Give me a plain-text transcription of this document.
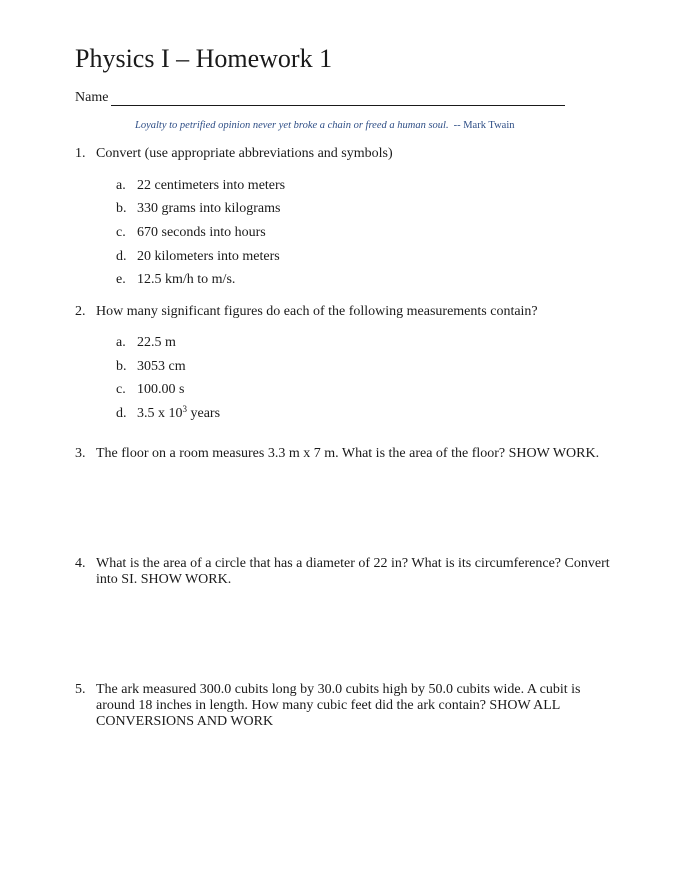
Physics I – Homework 1
Name
Loyalty to petrified opinion never yet broke a chain or freed a human soul. -- Mark Twain
1. Convert (use appropriate abbreviations and symbols)
a. 22 centimeters into meters
b. 330 grams into kilograms
c. 670 seconds into hours
d. 20 kilometers into meters
e. 12.5 km/h to m/s.
2. How many significant figures do each of the following measurements contain?
a. 22.5 m
b. 3053 cm
c. 100.00 s
d. 3.5 x $10^3$ years
3. The floor on a room measures 3.3 m x 7 m. What is the area of the floor? SHOW WORK.
4. What is the area of a circle that has a diameter of 22 in? What is its circumference? Convert
into SI. SHOW WORK.
5. The ark measured 300.0 cubits long by 30.0 cubits high by 50.0 cubits wide. A cubit is
around 18 inches in length. How many cubic feet did the ark contain? SHOW ALL
CONVERSIONS AND WORK
